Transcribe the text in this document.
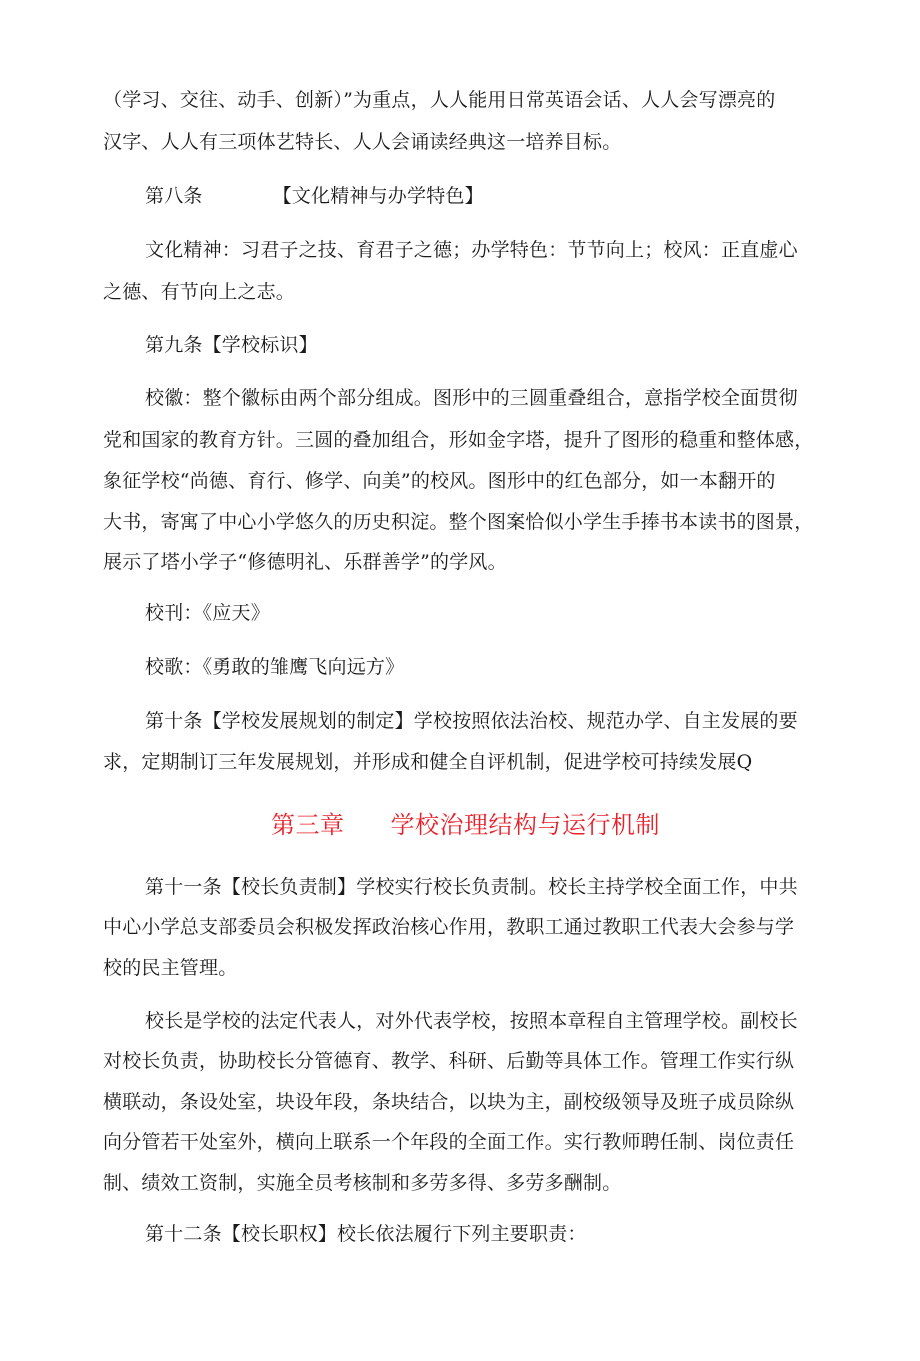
（学习、交往、动手、创新）”为重点，人人能用日常英语会话、人人会写漂亮的
汉字、人人有三项体艺特长、人人会诵读经典这一培养目标。
第八条	【文化精神与办学特色】
文化精神：习君子之技、育君子之德；办学特色：节节向上；校风：正直虚心
之德、有节向上之志。
第九条【学校标识】
校徽：整个徽标由两个部分组成。图形中的三圆重叠组合，意指学校全面贯彻
党和国家的教育方针。三圆的叠加组合，形如金字塔，提升了图形的稳重和整体感，
象征学校“尚德、育行、修学、向美”的校风。图形中的红色部分，如一本翻开的
大书，寄寓了中心小学悠久的历史积淀。整个图案恰似小学生手捧书本读书的图景，
展示了塔小学子“修德明礼、乐群善学”的学风。
校刊：《应天》
校歌：《勇敢的雏鹰飞向远方》
第十条【学校发展规划的制定】学校按照依法治校、规范办学、自主发展的要
求，定期制订三年发展规划，并形成和健全自评机制，促进学校可持续发展Q
第三章 学校治理结构与运行机制
第十一条【校长负责制】学校实行校长负责制。校长主持学校全面工作，中共
中心小学总支部委员会积极发挥政治核心作用，教职工通过教职工代表大会参与学
校的民主管理。
校长是学校的法定代表人，对外代表学校，按照本章程自主管理学校。副校长
对校长负责，协助校长分管德育、教学、科研、后勤等具体工作。管理工作实行纵
横联动，条设处室，块设年段，条块结合，以块为主，副校级领导及班子成员除纵
向分管若干处室外，横向上联系一个年段的全面工作。实行教师聘任制、岗位责任
制、绩效工资制，实施全员考核制和多劳多得、多劳多酬制。
第十二条【校长职权】校长依法履行下列主要职责：
